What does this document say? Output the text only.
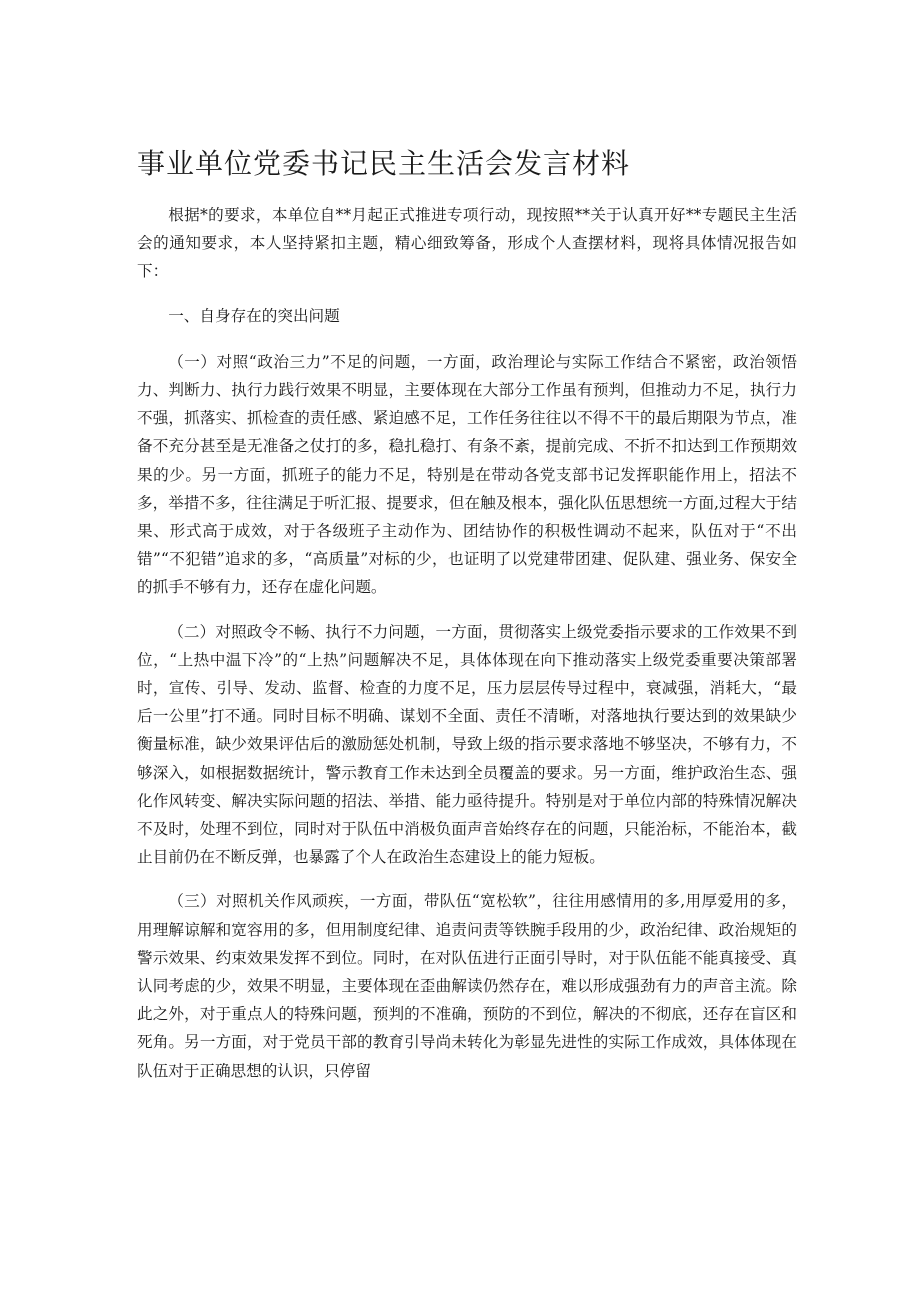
事业单位党委书记民主生活会发言材料

根据*的要求，本单位自**月起正式推进专项行动，现按照**关于认真开好**专题民主生活会的通知要求，本人坚持紧扣主题，精心细致筹备，形成个人查摆材料，现将具体情况报告如下：

一、自身存在的突出问题

（一）对照“政治三力”不足的问题，一方面，政治理论与实际工作结合不紧密，政治领悟力、判断力、执行力践行效果不明显，主要体现在大部分工作虽有预判，但推动力不足，执行力不强，抓落实、抓检查的责任感、紧迫感不足，工作任务往往以不得不干的最后期限为节点，准备不充分甚至是无准备之仗打的多，稳扎稳打、有条不紊，提前完成、不折不扣达到工作预期效果的少。另一方面，抓班子的能力不足，特别是在带动各党支部书记发挥职能作用上，招法不多，举措不多，往往满足于听汇报、提要求，但在触及根本，强化队伍思想统一方面,过程大于结果、形式高于成效，对于各级班子主动作为、团结协作的积极性调动不起来，队伍对于“不出错”“不犯错”追求的多，“高质量”对标的少，也证明了以党建带团建、促队建、强业务、保安全的抓手不够有力，还存在虚化问题。

（二）对照政令不畅、执行不力问题，一方面，贯彻落实上级党委指示要求的工作效果不到位，“上热中温下冷”的“上热”问题解决不足，具体体现在向下推动落实上级党委重要决策部署时，宣传、引导、发动、监督、检查的力度不足，压力层层传导过程中，衰减强，消耗大，“最后一公里”打不通。同时目标不明确、谋划不全面、责任不清晰，对落地执行要达到的效果缺少衡量标准，缺少效果评估后的激励惩处机制，导致上级的指示要求落地不够坚决，不够有力，不够深入，如根据数据统计，警示教育工作未达到全员覆盖的要求。另一方面，维护政治生态、强化作风转变、解决实际问题的招法、举措、能力亟待提升。特别是对于单位内部的特殊情况解决不及时，处理不到位，同时对于队伍中消极负面声音始终存在的问题，只能治标，不能治本，截止目前仍在不断反弹，也暴露了个人在政治生态建设上的能力短板。

（三）对照机关作风顽疾，一方面，带队伍“宽松软”，往往用感情用的多,用厚爱用的多，用理解谅解和宽容用的多，但用制度纪律、追责问责等铁腕手段用的少，政治纪律、政治规矩的警示效果、约束效果发挥不到位。同时，在对队伍进行正面引导时，对于队伍能不能真接受、真认同考虑的少，效果不明显，主要体现在歪曲解读仍然存在，难以形成强劲有力的声音主流。除此之外，对于重点人的特殊问题，预判的不准确，预防的不到位，解决的不彻底，还存在盲区和死角。另一方面，对于党员干部的教育引导尚未转化为彰显先进性的实际工作成效，具体体现在队伍对于正确思想的认识，只停留
